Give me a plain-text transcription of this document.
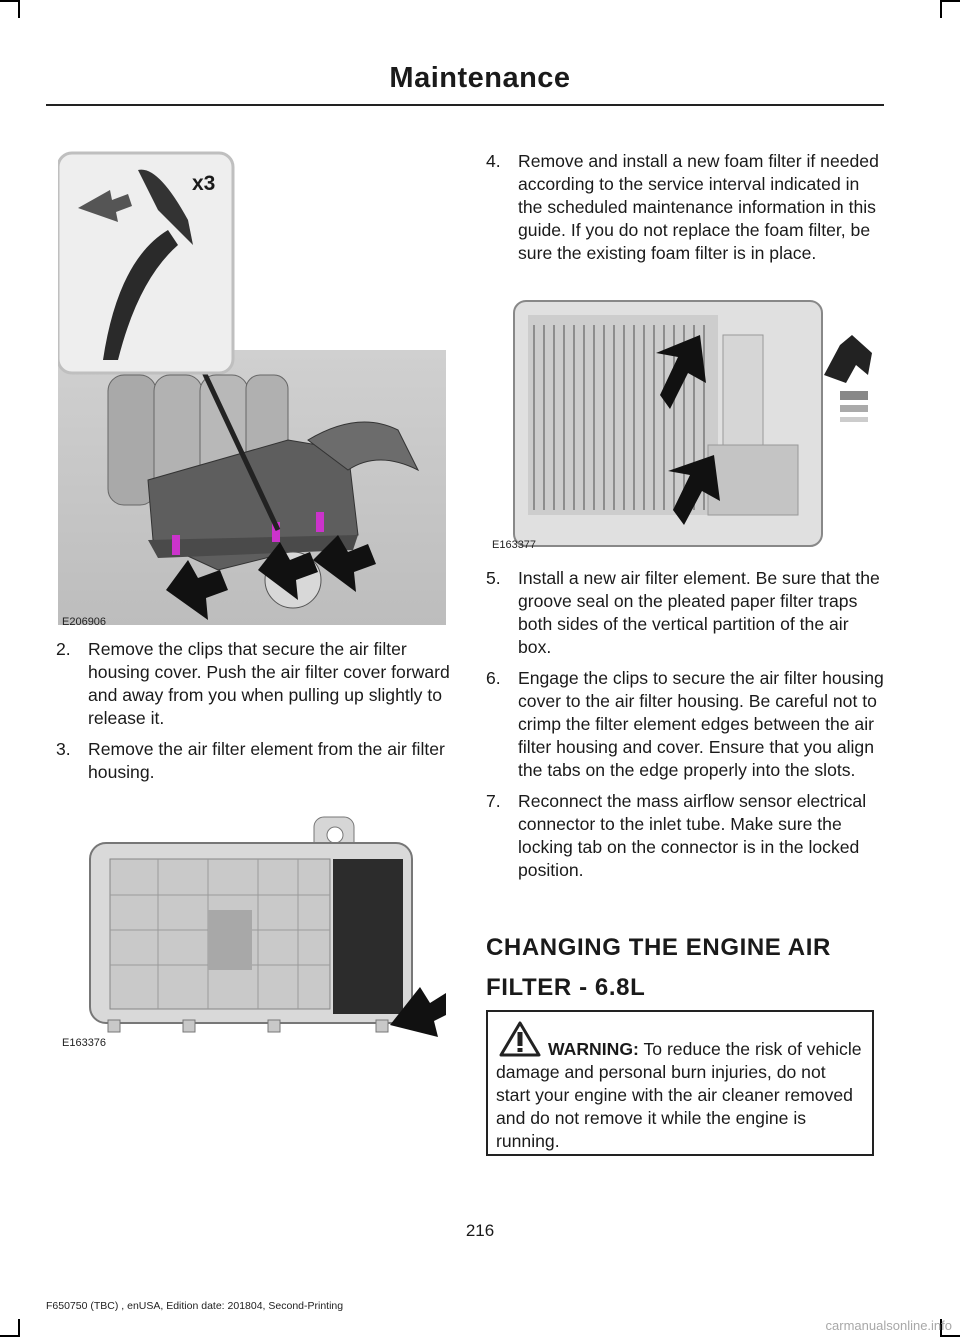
Maintenance
x3
E206906
2. Remove the clips that secure the air filter housing cover. Push the air filter cover forward and away from you when pulling up slightly to release it.
3. Remove the air filter element from the air filter housing.
E163376
4. Remove and install a new foam filter if needed according to the service interval indicated in the scheduled maintenance information in this guide. If you do not replace the foam filter, be sure the existing foam filter is in place.
E163377
5. Install a new air filter element. Be sure that the groove seal on the pleated paper filter traps both sides of the vertical partition of the air box.
6. Engage the clips to secure the air filter housing cover to the air filter housing. Be careful not to crimp the filter element edges between the air filter housing and cover. Ensure that you align the tabs on the edge properly into the slots.
7. Reconnect the mass airflow sensor electrical connector to the inlet tube. Make sure the locking tab on the connector is in the locked position.
CHANGING THE ENGINE AIR FILTER - 6.8L
WARNING: To reduce the risk of vehicle damage and personal burn injuries, do not start your engine with the air cleaner removed and do not remove it while the engine is running.
216
F650750 (TBC) , enUSA, Edition date: 201804, Second-Printing
carmanualsonline.info
